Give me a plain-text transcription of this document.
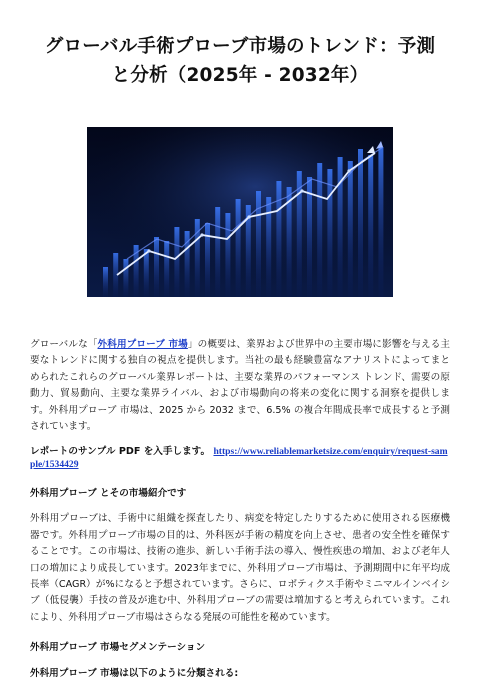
グローバル手術プローブ市場のトレンド：予測
と分析（2025年 - 2032年）

グローバルな「外科用プローブ 市場」の概要は、業界および世界中の主要市場に影響を与える主要なトレンドに関する独自の視点を提供します。当社の最も経験豊富なアナリストによってまとめられたこれらのグローバル業界レポートは、主要な業界のパフォーマンス トレンド、需要の原動力、貿易動向、主要な業界ライバル、および市場動向の将来の変化に関する洞察を提供します。外科用プローブ 市場は、2025 から 2032 まで、6.5% の複合年間成長率で成長すると予測されています。

レポートのサンプル PDF を入手します。 https://www.reliablemarketsize.com/enquiry/request-sample/1534429

外科用プローブ とその市場紹介です

外科用プローブは、手術中に組織を探査したり、病変を特定したりするために使用される医療機器です。外科用プローブ市場の目的は、外科医が手術の精度を向上させ、患者の安全性を確保することです。この市場は、技術の進歩、新しい手術手法の導入、慢性疾患の増加、および老年人口の増加により成長しています。2023年までに、外科用プローブ市場は、予測期間中に年平均成長率（CAGR）が%になると予想されています。さらに、ロボティクス手術やミニマルインベイシブ（低侵襲）手技の普及が進む中、外科用プローブの需要は増加すると考えられています。これにより、外科用プローブ市場はさらなる発展の可能性を秘めています。

外科用プローブ 市場セグメンテーション

外科用プローブ 市場は以下のように分類される:
